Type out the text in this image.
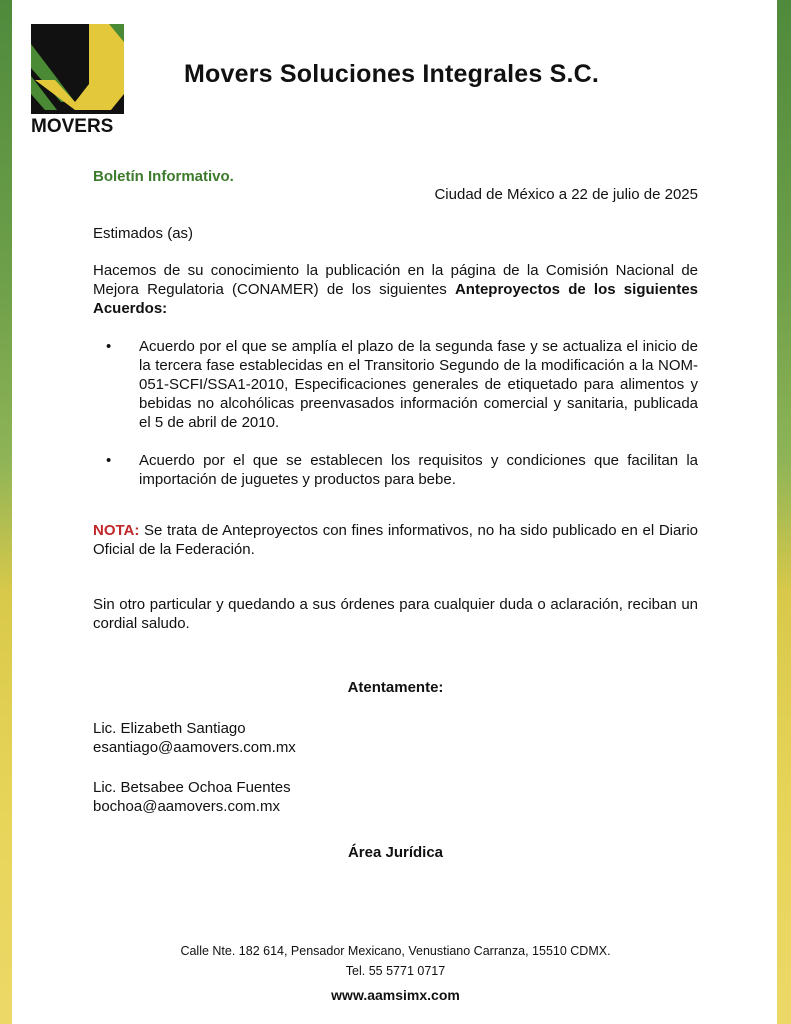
MOVERS
Movers Soluciones Integrales S.C.
Boletín Informativo.
Ciudad de México a 22 de julio de 2025
Estimados (as)
Hacemos de su conocimiento la publicación en la página de la Comisión Nacional de Mejora Regulatoria (CONAMER) de los siguientes Anteproyectos de los siguientes Acuerdos:
• Acuerdo por el que se amplía el plazo de la segunda fase y se actualiza el inicio de la tercera fase establecidas en el Transitorio Segundo de la modificación a la NOM-051-SCFI/SSA1-2010, Especificaciones generales de etiquetado para alimentos y bebidas no alcohólicas preenvasados información comercial y sanitaria, publicada el 5 de abril de 2010.
• Acuerdo por el que se establecen los requisitos y condiciones que facilitan la importación de juguetes y productos para bebe.
NOTA: Se trata de Anteproyectos con fines informativos, no ha sido publicado en el Diario Oficial de la Federación.
Sin otro particular y quedando a sus órdenes para cualquier duda o aclaración, reciban un cordial saludo.
Atentamente:
Lic. Elizabeth Santiago
esantiago@aamovers.com.mx
Lic. Betsabee Ochoa Fuentes
bochoa@aamovers.com.mx
Área Jurídica
Calle Nte. 182 614, Pensador Mexicano, Venustiano Carranza, 15510 CDMX.
Tel. 55 5771 0717
www.aamsimx.com
